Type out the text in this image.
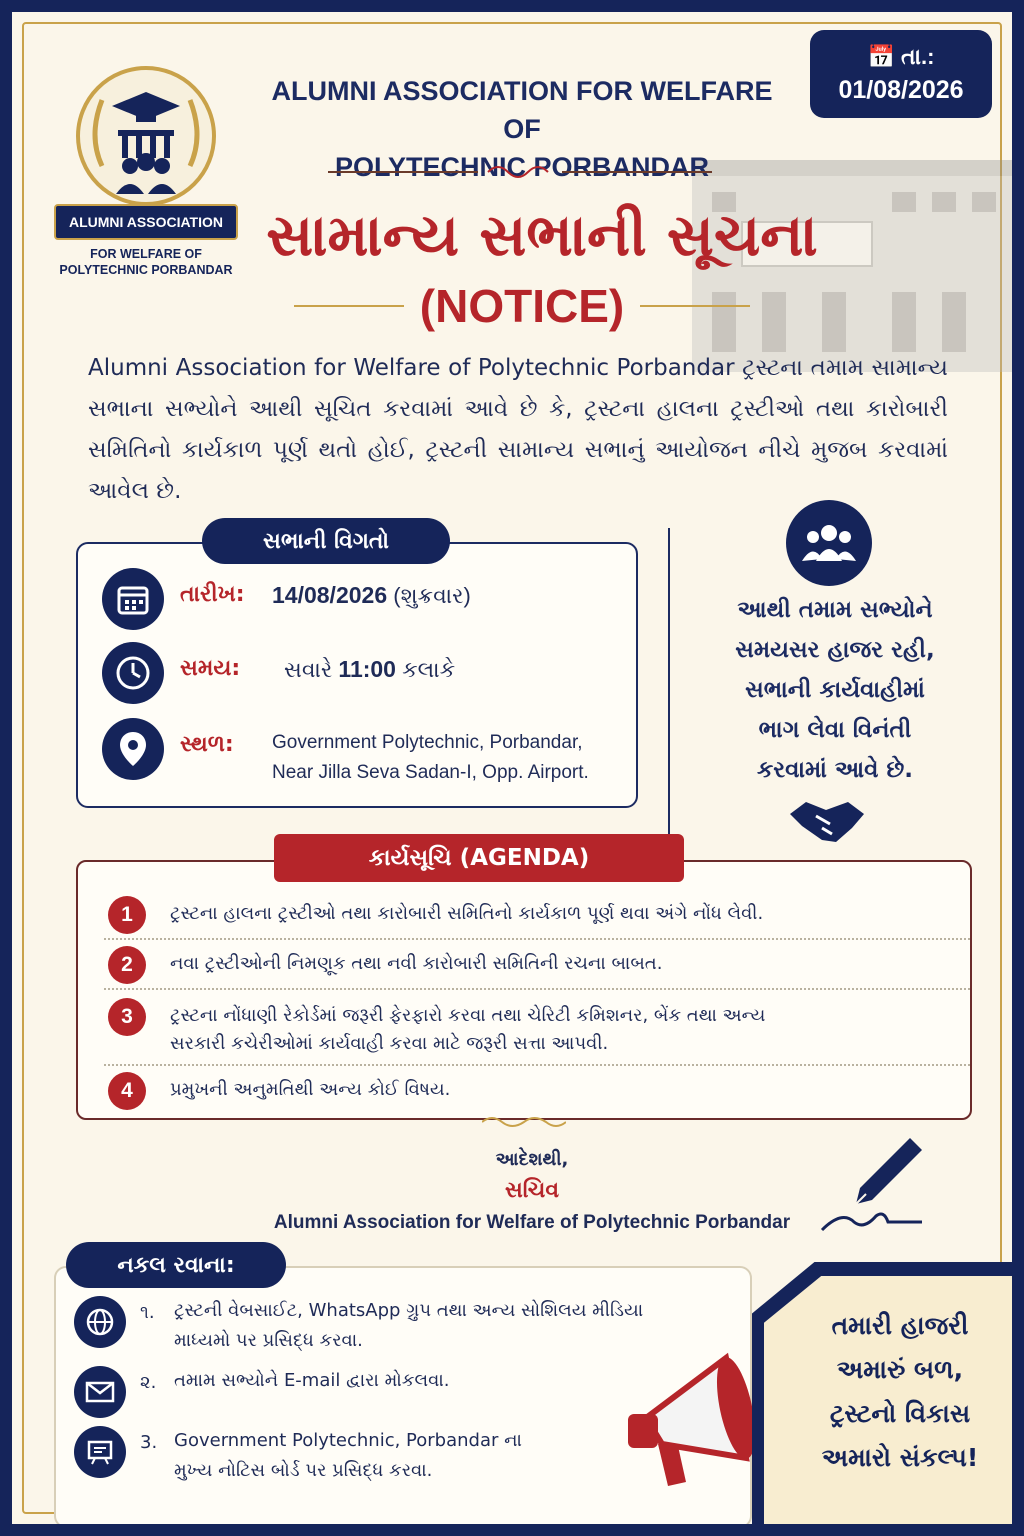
ALUMNI ASSOCIATION
FOR WELFARE OF
POLYTECHNIC PORBANDAR
ALUMNI ASSOCIATION FOR WELFARE OF
POLYTECHNIC PORBANDAR
📅 તા.:
01/08/2026
સામાન્ય સભાની સૂચના
(NOTICE)
Alumni Association for Welfare of Polytechnic Porbandar ટ્રસ્ટના તમામ સામાન્ય સભાના સભ્યોને આથી સૂચિત કરવામાં આવે છે કે, ટ્રસ્ટના હાલના ટ્રસ્ટીઓ તથા કારોબારી સમિતિનો કાર્યકાળ પૂર્ણ થતો હોઈ, ટ્રસ્ટની સામાન્ય સભાનું આયોજન નીચે મુજબ કરવામાં આવેલ છે.
સભાની વિગતો
તારીખ:	14/08/2026 (શુક્રવાર)
સમય:	સવારે 11:00 કલાકે
સ્થળ:	Government Polytechnic, Porbandar,
Near Jilla Seva Sadan-I, Opp. Airport.
આથી તમામ સભ્યોને
સમયસર હાજર રહી,
સભાની કાર્યવાહીમાં
ભાગ લેવા વિનંતી
કરવામાં આવે છે.
કાર્યસૂચિ (AGENDA)
1	ટ્રસ્ટના હાલના ટ્રસ્ટીઓ તથા કારોબારી સમિતિનો કાર્યકાળ પૂર્ણ થવા અંગે નોંધ લેવી.
2	નવા ટ્રસ્ટીઓની નિમણૂક તથા નવી કારોબારી સમિતિની રચના બાબત.
3	ટ્રસ્ટના નોંધાણી રેકોર્ડમાં જરૂરી ફેરફારો કરવા તથા ચેરિટી કમિશનર, બેંક તથા અન્ય
સરકારી કચેરીઓમાં કાર્યવાહી કરવા માટે જરૂરી સત્તા આપવી.
4	પ્રમુખની અનુમતિથી અન્ય કોઈ વિષય.
આદેશથી,
સચિવ
Alumni Association for Welfare of Polytechnic Porbandar
નકલ રવાના:
૧.	ટ્રસ્ટની વેબસાઈટ, WhatsApp ગ્રુપ તથા અન્ય સોશિલય મીડિયા
માધ્યમો પર પ્રસિદ્ધ કરવા.
૨. તમામ સભ્યોને E-mail દ્વારા મોકલવા.
3. Government Polytechnic, Porbandar ના
મુખ્ય નોટિસ બોર્ડ પર પ્રસિદ્ધ કરવા.
તમારી હાજરી
અમારું બળ,
ટ્રસ્ટનો વિકાસ
અમારો સંકલ્પ!
